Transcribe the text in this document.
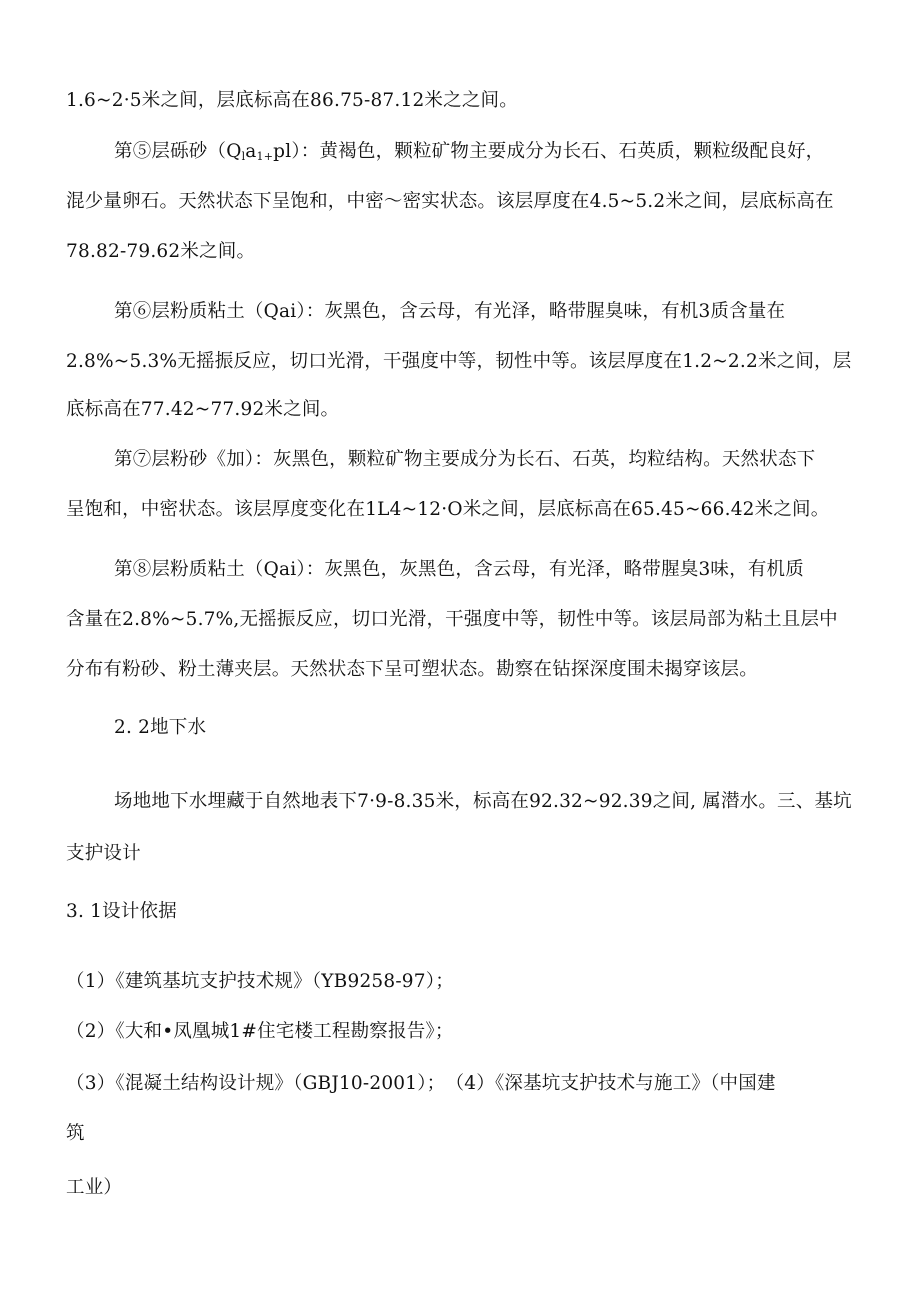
1.6~2·5米之间，层底标高在86.75-87.12米之之间。
第⑤层砾砂$(Q_la_{1+}pl)$：黄褐色，颗粒矿物主要成分为长石、石英质，颗粒级配良好，
混少量卵石。天然状态下呈饱和，中密～密实状态。该层厚度在4.5~5.2米之间，层底标高在
78.82-79.62米之间。
第⑥层粉质粘土（Qai）：灰黑色，含云母，有光泽，略带腥臭味，有机3质含量在
2.8%~5.3%无摇振反应，切口光滑，干强度中等，韧性中等。该层厚度在1.2~2.2米之间，层
底标高在77.42~77.92米之间。
第⑦层粉砂《加）：灰黑色，颗粒矿物主要成分为长石、石英，均粒结构。天然状态下
呈饱和，中密状态。该层厚度变化在1L4~12·O米之间，层底标高在65.45~66.42米之间。
第⑧层粉质粘土（Qai）：灰黑色，灰黑色，含云母，有光泽，略带腥臭3味，有机质
含量在2.8%~5.7%,无摇振反应，切口光滑，干强度中等，韧性中等。该层局部为粘土且层中
分布有粉砂、粉土薄夹层。天然状态下呈可塑状态。勘察在钻探深度围未揭穿该层。
2. 2地下水
场地地下水埋藏于自然地表下7·9-8.35米，标高在92.32~92.39之间, 属潜水。三、基坑
支护设计
3. 1设计依据
（1）《建筑基坑支护技术规》（YB9258-97）；
（2）《大和•凤凰城1#住宅楼工程勘察报告》；
（3）《混凝土结构设计规》（GBJ10-2001）；　（4）《深基坑支护技术与施工》（中国建
筑
工业）
